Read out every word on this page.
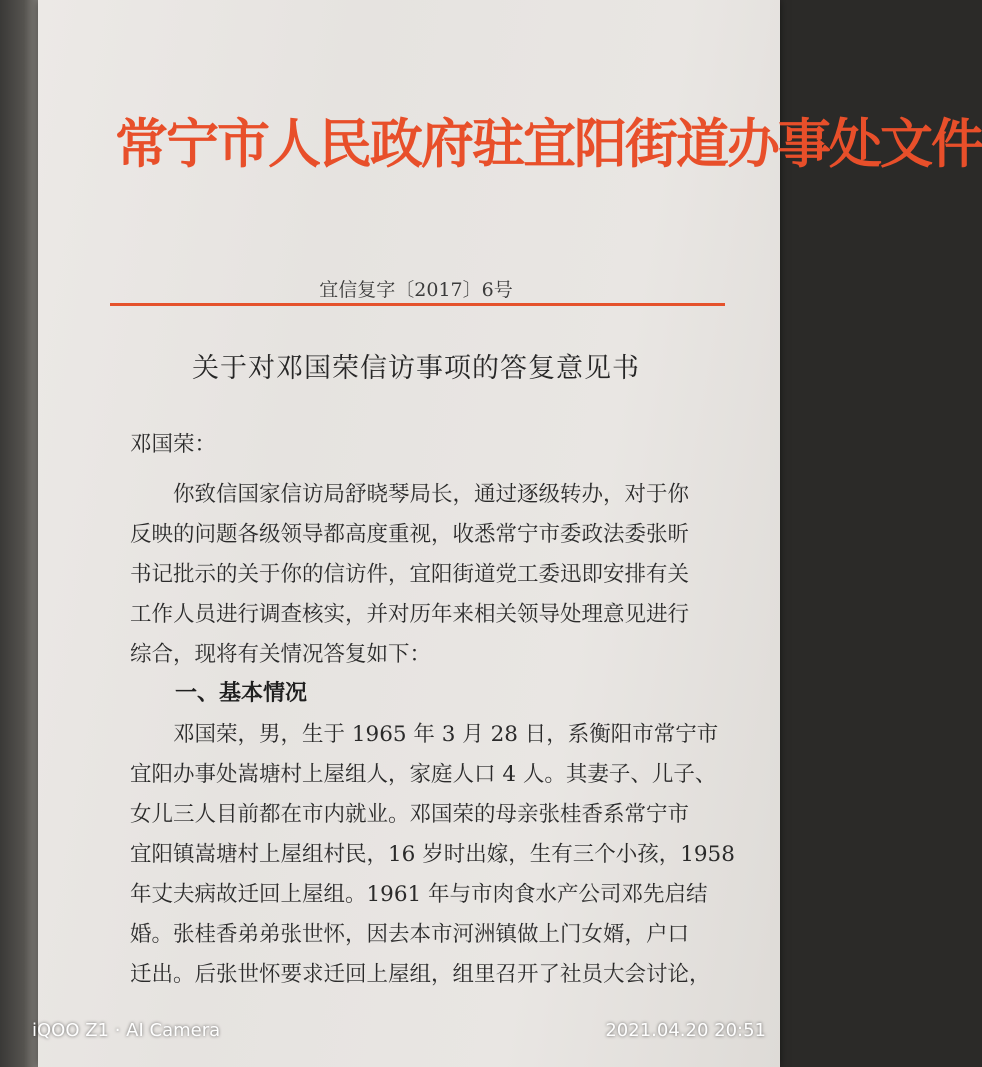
常宁市人民政府驻宜阳街道办事处文件
宜信复字〔2017〕6号
关于对邓国荣信访事项的答复意见书
邓国荣：
　　你致信国家信访局舒晓琴局长，通过逐级转办，对于你
反映的问题各级领导都高度重视，收悉常宁市委政法委张昕
书记批示的关于你的信访件，宜阳街道党工委迅即安排有关
工作人员进行调查核实，并对历年来相关领导处理意见进行
综合，现将有关情况答复如下：
一、基本情况
　　邓国荣，男，生于 1965 年 3 月 28 日，系衡阳市常宁市
宜阳办事处嵩塘村上屋组人，家庭人口 4 人。其妻子、儿子、
女儿三人目前都在市内就业。邓国荣的母亲张桂香系常宁市
宜阳镇嵩塘村上屋组村民，16 岁时出嫁，生有三个小孩，1958
年丈夫病故迁回上屋组。1961 年与市肉食水产公司邓先启结
婚。张桂香弟弟张世怀，因去本市河洲镇做上门女婿，户口
迁出。后张世怀要求迁回上屋组，组里召开了社员大会讨论，
iQOO Z1 · AI Camera	2021.04.20 20:51
